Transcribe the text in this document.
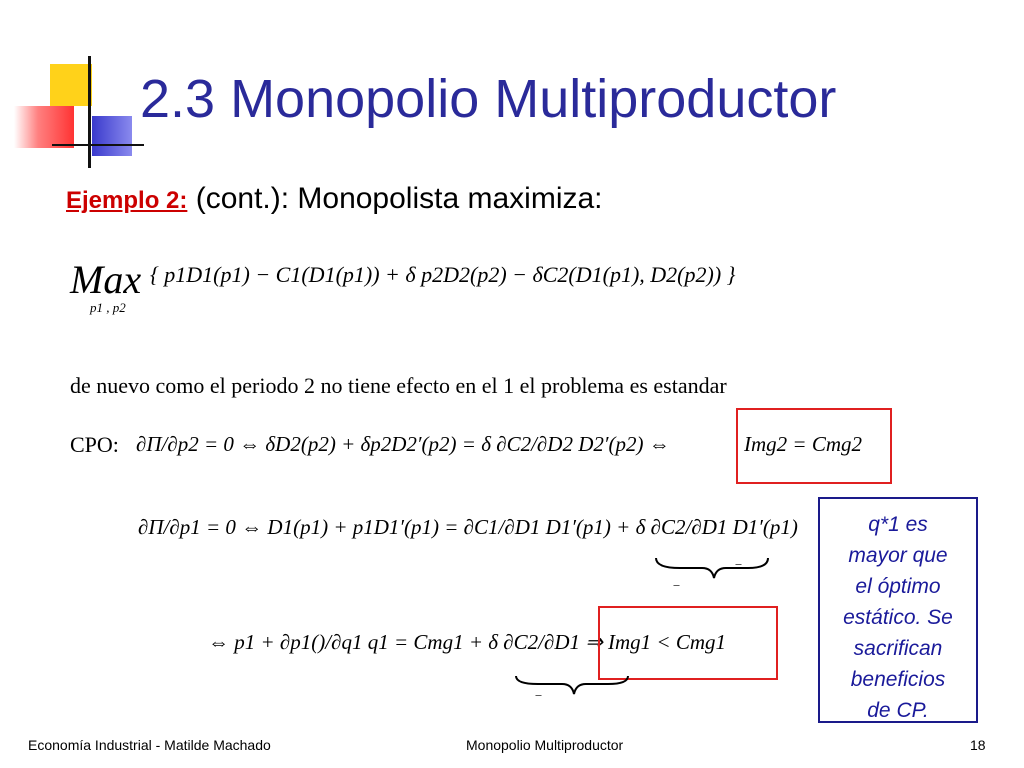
2.3 Monopolio Multiproductor
Ejemplo 2: (cont.): Monopolista maximiza:
Max
p1 , p2
{ p1D1(p1) − C1(D1(p1)) + δ p2D2(p2) − δC2(D1(p1), D2(p2)) }
de nuevo como el periodo 2 no tiene efecto en el 1 el problema es estandar
CPO: ∂Π/∂p2 = 0 ⇔ δD2(p2) + δp2D2′(p2) = δ ∂C2/∂D2 D2′(p2) ⇔	Img2 = Cmg2
∂Π/∂p1 = 0 ⇔ D1(p1) + p1D1′(p1) = ∂C1/∂D1 D1′(p1) + δ ∂C2/∂D1 D1′(p1)
−
−
⇔ p1 + ∂p1()/∂q1 q1 = Cmg1 + δ ∂C2/∂D1 ⇒ Img1 < Cmg1
−
q*1 es
mayor que
el óptimo
estático. Se
sacrifican
beneficios
de CP.
Economía Industrial - Matilde Machado	Monopolio Multiproductor	18
